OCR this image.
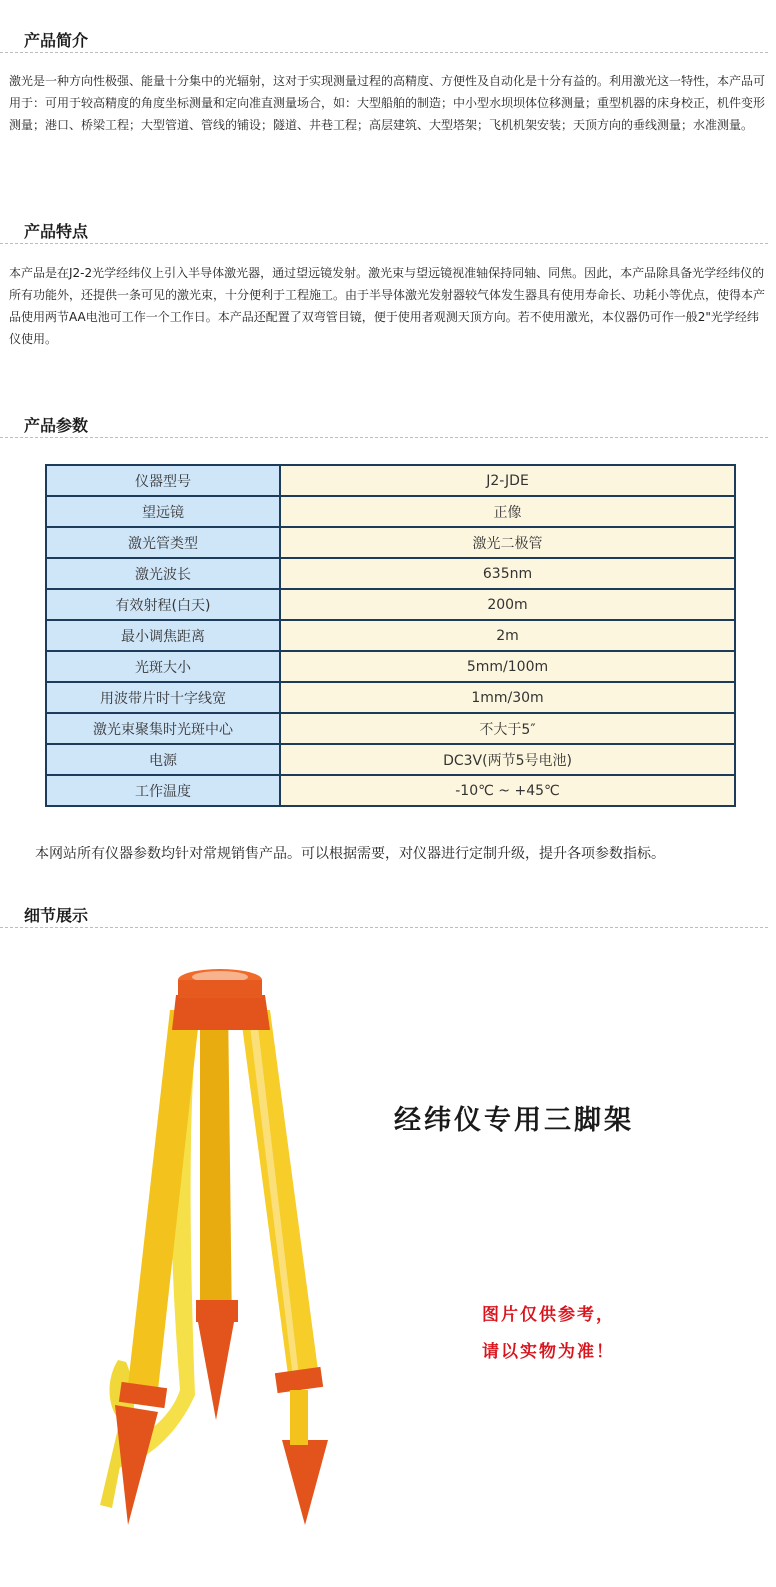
产品简介

激光是一种方向性极强、能量十分集中的光辐射，这对于实现测量过程的高精度、方便性及自动化是十分有益的。利用激光这一特性，本产品可用于：可用于较高精度的角度坐标测量和定向准直测量场合，如：大型船舶的制造；中小型水坝坝体位移测量；重型机器的床身校正，机件变形测量；港口、桥梁工程；大型管道、管线的铺设；隧道、井巷工程；高层建筑、大型塔架；飞机机架安装；天顶方向的垂线测量；水准测量。

产品特点

本产品是在J2-2光学经纬仪上引入半导体激光器，通过望远镜发射。激光束与望远镜视准轴保持同轴、同焦。因此，本产品除具备光学经纬仪的所有功能外，还提供一条可见的激光束，十分便利于工程施工。由于半导体激光发射器较气体发生器具有使用寿命长、功耗小等优点，使得本产品使用两节AA电池可工作一个工作日。本产品还配置了双弯管目镜，便于使用者观测天顶方向。若不使用激光，本仪器仍可作一般2"光学经纬仪使用。

产品参数
仪器型号	J2-JDE
望远镜	正像
激光管类型	激光二极管
激光波长	635nm
有效射程(白天)	200m
最小调焦距离	2m
光斑大小	5mm/100m
用波带片时十字线宽	1mm/30m
激光束聚集时光斑中心	不大于5″
电源	DC3V(两节5号电池)
工作温度	-10℃ ~ +45℃

本网站所有仪器参数均针对常规销售产品。可以根据需要，对仪器进行定制升级，提升各项参数指标。

细节展示
经纬仪专用三脚架
图片仅供参考，
请以实物为准！
